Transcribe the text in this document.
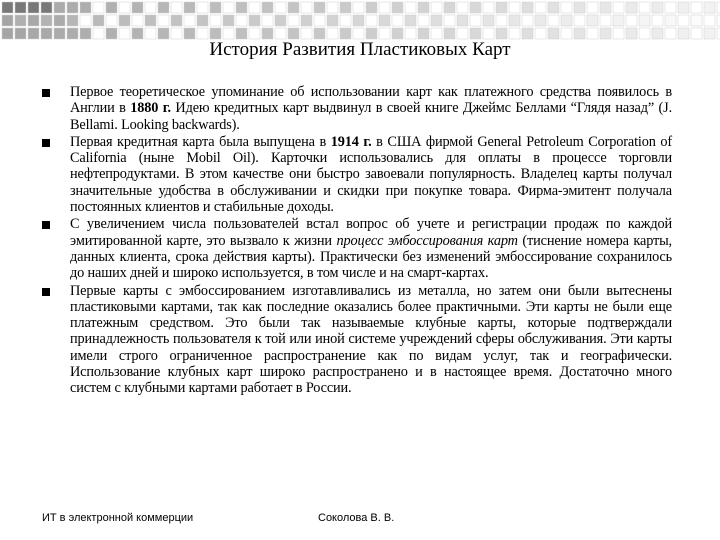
История Развития Пластиковых Карт
Первое теоретическое упоминание об использовании карт как платежного средства появилось в Англии в 1880 г. Идею кредитных карт выдвинул в своей книге Джеймс Беллами “Глядя назад” (J. Bellami. Looking backwards).
Первая кредитная карта была выпущена в 1914 г. в США фирмой General Petroleum Corporation of California (ныне Mobil Oil). Карточки использовались для оплаты в процессе торговли нефтепродуктами. В этом качестве они быстро завоевали популярность. Владелец карты получал значительные удобства в обслуживании и скидки при покупке товара. Фирма-эмитент получала постоянных клиентов и стабильные доходы.
С увеличением числа пользователей встал вопрос об учете и регистрации продаж по каждой эмитированной карте, это вызвало к жизни процесс эмбоссирования карт (тиснение номера карты, данных клиента, срока действия карты). Практически без изменений эмбоссирование сохранилось до наших дней и широко используется, в том числе и на смарт-картах.
Первые карты с эмбоссированием изготавливались из металла, но затем они были вытеснены пластиковыми картами, так как последние оказались более практичными. Эти карты не были еще платежным средством. Это были так называемые клубные карты, которые подтверждали принадлежность пользователя к той или иной системе учреждений сферы обслуживания. Эти карты имели строго ограниченное распространение как по видам услуг, так и географически. Использование клубных карт широко распространено и в настоящее время. Достаточно много систем с клубными картами работает в России.
ИТ в электронной коммерции	Соколова В. В.
